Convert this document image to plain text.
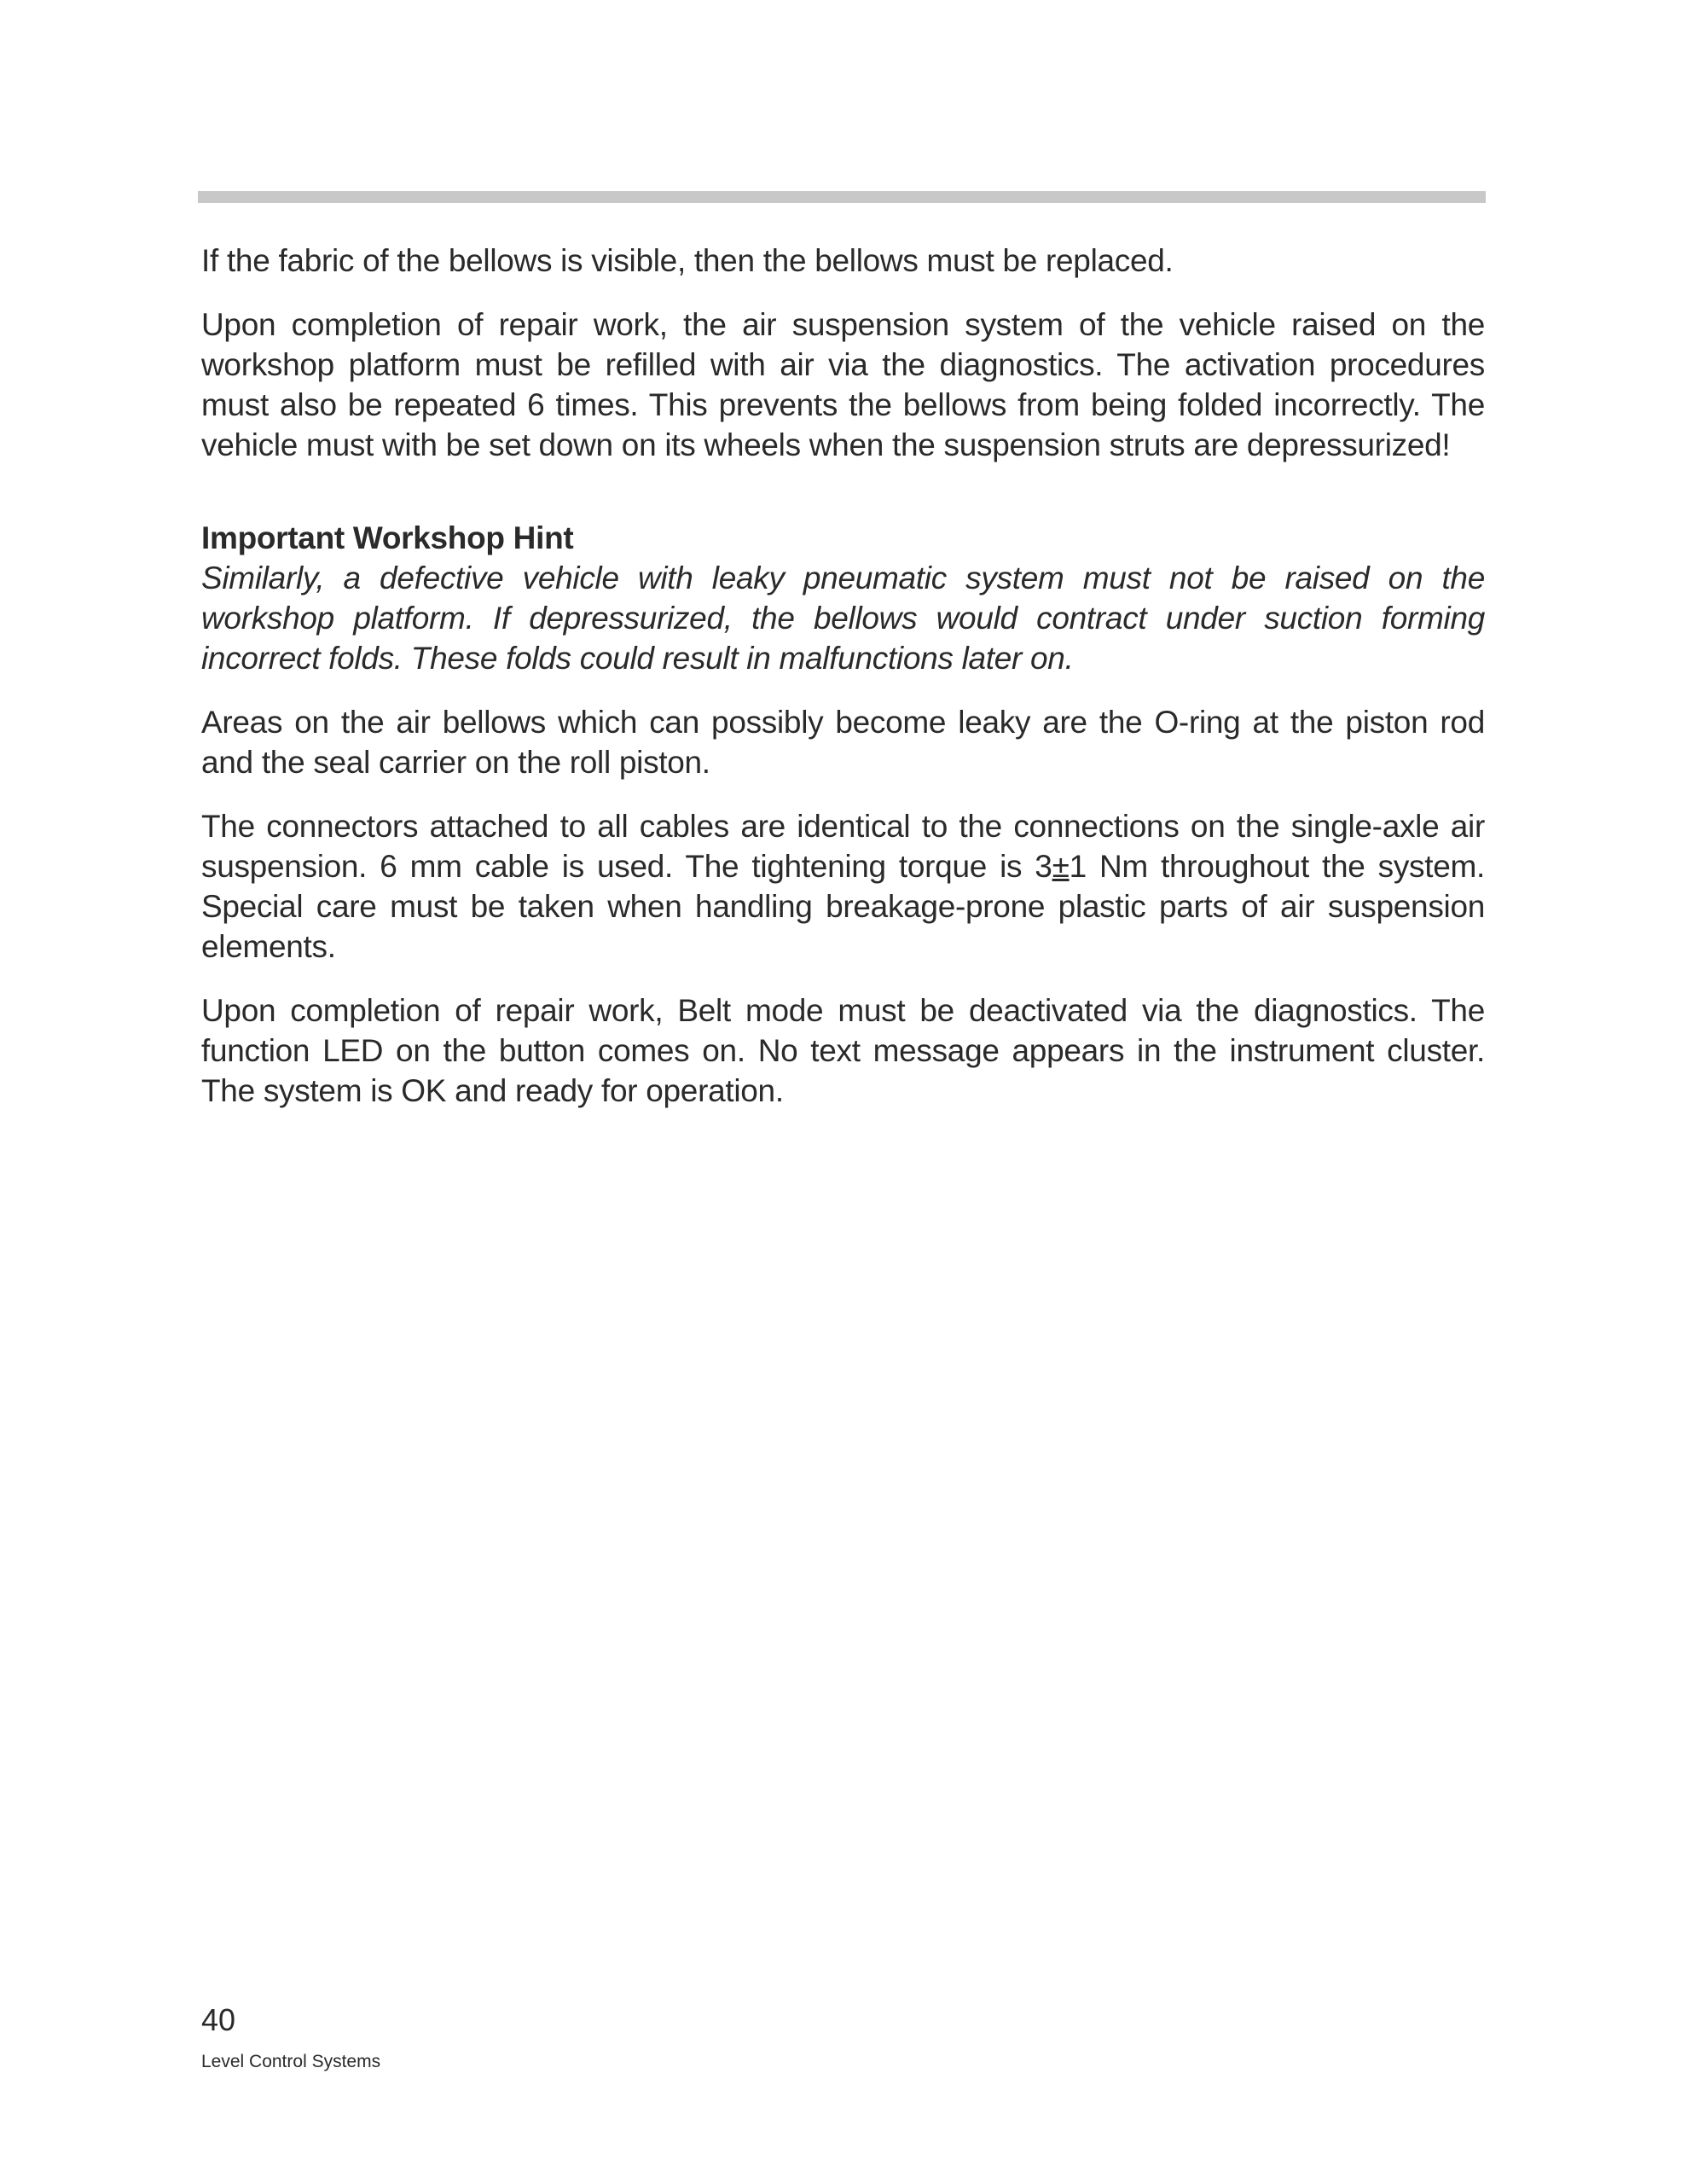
If the fabric of the bellows is visible, then the bellows must be replaced.

Upon completion of repair work, the air suspension system of the vehicle raised on the workshop platform must be refilled with air via the diagnostics. The activation procedures must also be repeated 6 times. This prevents the bellows from being folded incorrectly. The vehicle must with be set down on its wheels when the suspension struts are depressurized!

Important Workshop Hint

Similarly, a defective vehicle with leaky pneumatic system must not be raised on the workshop platform. If depressurized, the bellows would contract under suction forming incorrect folds. These folds could result in malfunctions later on.

Areas on the air bellows which can possibly become leaky are the O-ring at the piston rod and the seal carrier on the roll piston.

The connectors attached to all cables are identical to the connections on the single-axle air suspension. 6 mm cable is used. The tightening torque is 3±1 Nm throughout the system. Special care must be taken when handling breakage-prone plastic parts of air suspension elements.

Upon completion of repair work, Belt mode must be deactivated via the diagnostics. The function LED on the button comes on. No text message appears in the instrument cluster. The system is OK and ready for operation.

40
Level Control Systems
